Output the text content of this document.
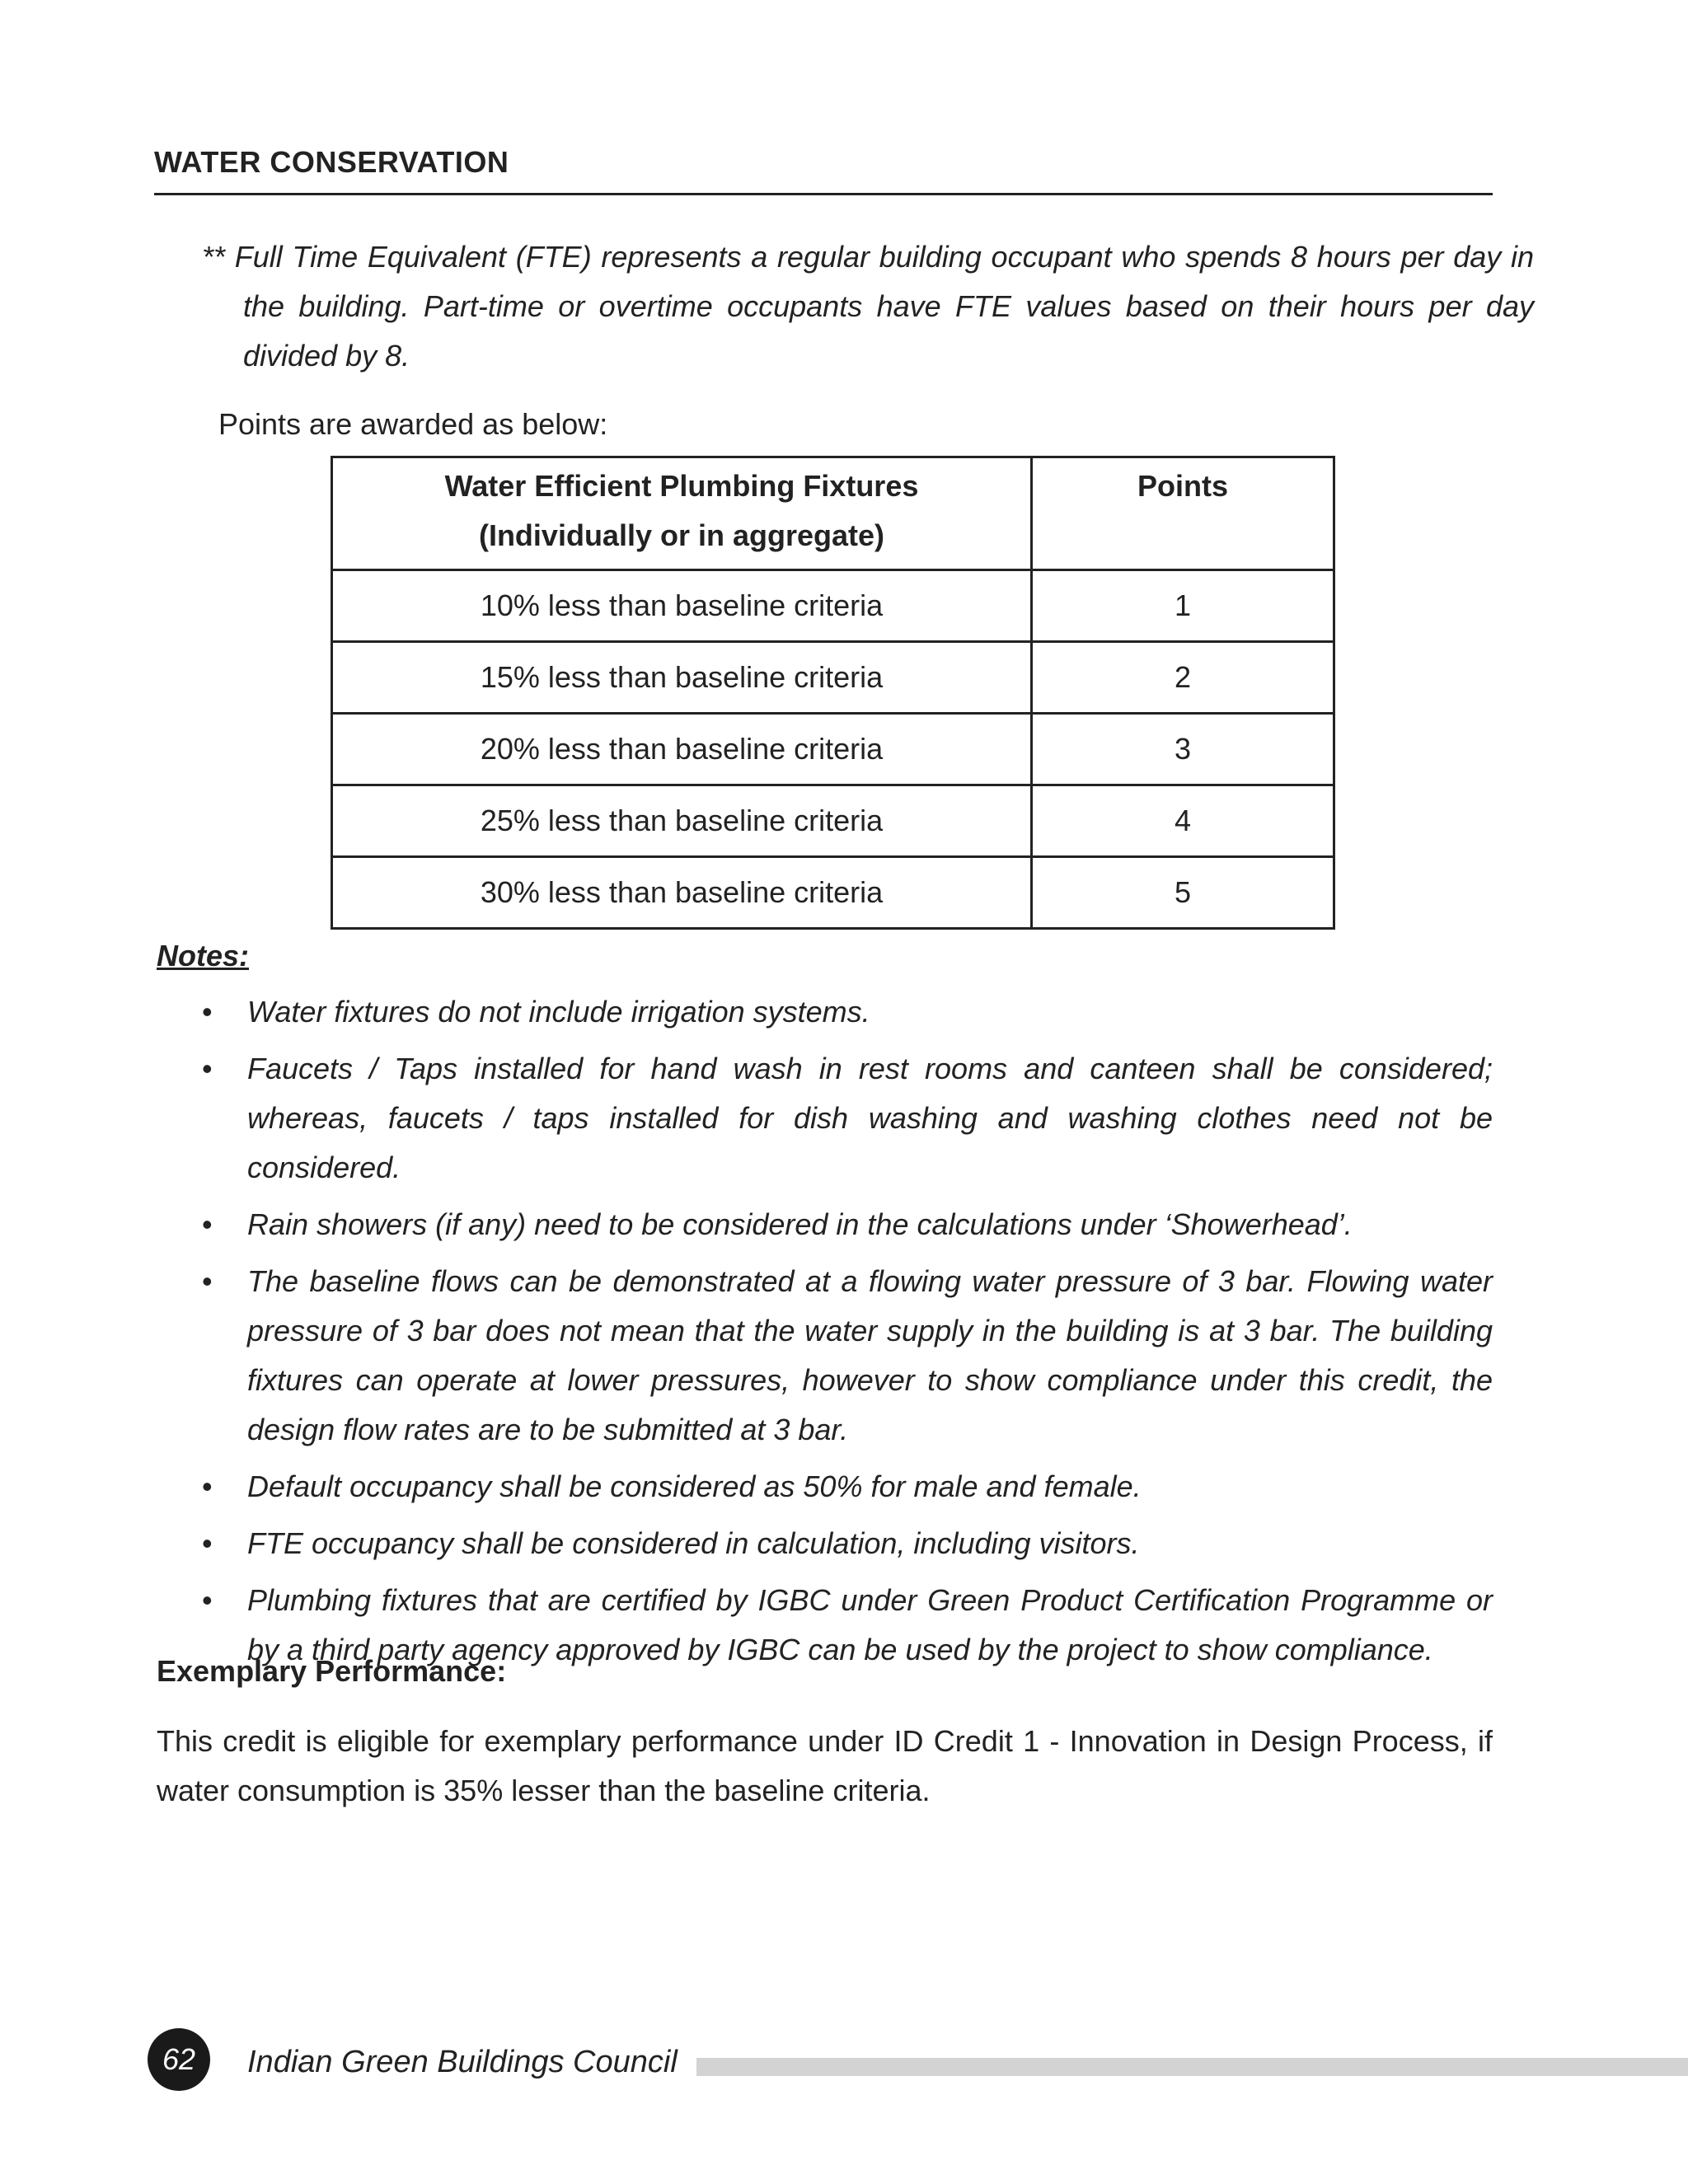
WATER CONSERVATION
** Full Time Equivalent (FTE) represents a regular building occupant who spends 8 hours per day in the building. Part-time or overtime occupants have FTE values based on their hours per day divided by 8.
Points are awarded as below:
Water Efficient Plumbing Fixtures
(Individually or in aggregate)	Points
10% less than baseline criteria	1
15% less than baseline criteria	2
20% less than baseline criteria	3
25% less than baseline criteria	4
30% less than baseline criteria	5
Notes:
• Water fixtures do not include irrigation systems.
• Faucets / Taps installed for hand wash in rest rooms and canteen shall be considered; whereas, faucets / taps installed for dish washing and washing clothes need not be considered.
• Rain showers (if any) need to be considered in the calculations under ‘Showerhead’.
• The baseline flows can be demonstrated at a flowing water pressure of 3 bar. Flowing water pressure of 3 bar does not mean that the water supply in the building is at 3 bar. The building fixtures can operate at lower pressures, however to show compliance under this credit, the design flow rates are to be submitted at 3 bar.
• Default occupancy shall be considered as 50% for male and female.
• FTE occupancy shall be considered in calculation, including visitors.
• Plumbing fixtures that are certified by IGBC under Green Product Certification Programme or by a third party agency approved by IGBC can be used by the project to show compliance.
Exemplary Performance:
This credit is eligible for exemplary performance under ID Credit 1 - Innovation in Design Process, if water consumption is 35% lesser than the baseline criteria.
62	Indian Green Buildings Council
